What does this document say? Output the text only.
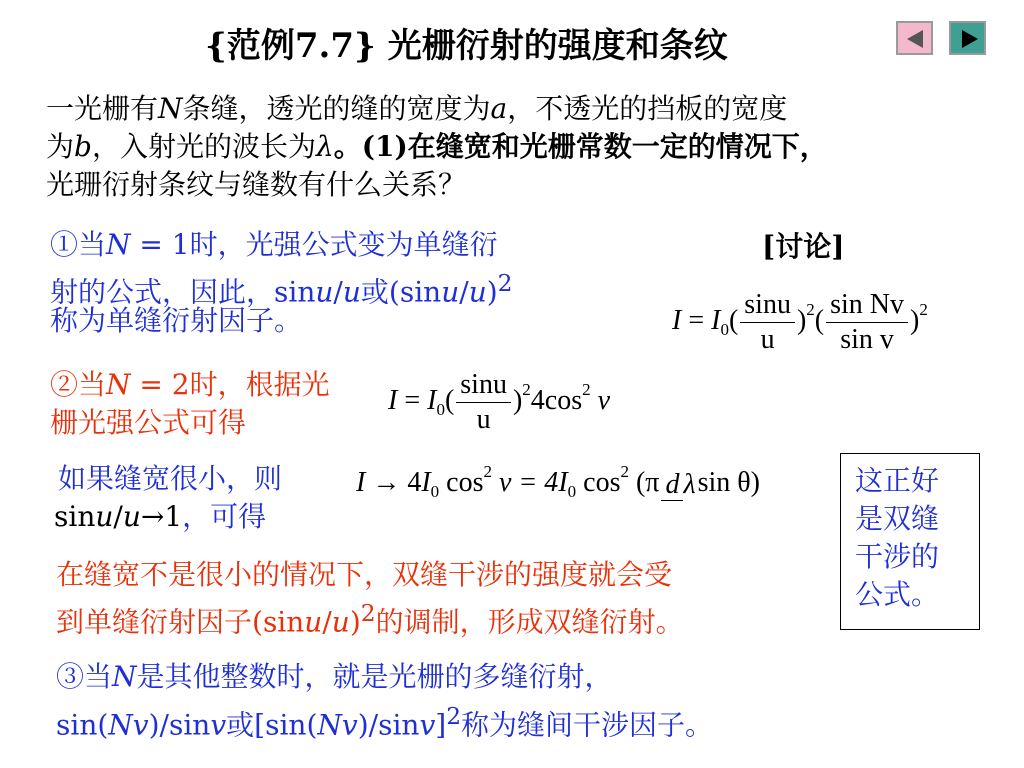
{范例7.7} 光栅衍射的强度和条纹
一光栅有N条缝，透光的缝的宽度为a，不透光的挡板的宽度
为b，入射光的波长为λ。(1)在缝宽和光栅常数一定的情况下，
光珊衍射条纹与缝数有什么关系？
①当N = 1时，光强公式变为单缝衍
射的公式，因此，sinu/u或$(\sin u/u)^2$
称为单缝衍射因子。
[讨论]
$I = I_0( \frac{\sin u}{u} )^2( \frac{\text{sin Nv}}{\text{sin v}} )^2$
②当N = 2时，根据光
栅光强公式可得
$I = I_0( \frac{\sin u}{u} )^24\cos^2$ v
如果缝宽很小，则
sinu/u→1，可得
$I \to 4I_0$ $\cos^2 v = 4I_0$ $\cos^2 (\pi$ d λsin θ)	这正好
是双缝
干涉的
公式。
在缝宽不是很小的情况下，双缝干涉的强度就会受
到单缝衍射因子$(\sin u/u)^2$的调制，形成双缝衍射。
③当N是其他整数时，就是光栅的多缝衍射，
sin(Nv)/sinv或$[\sin(Nv)/\sin v]^2$称为缝间干涉因子。
